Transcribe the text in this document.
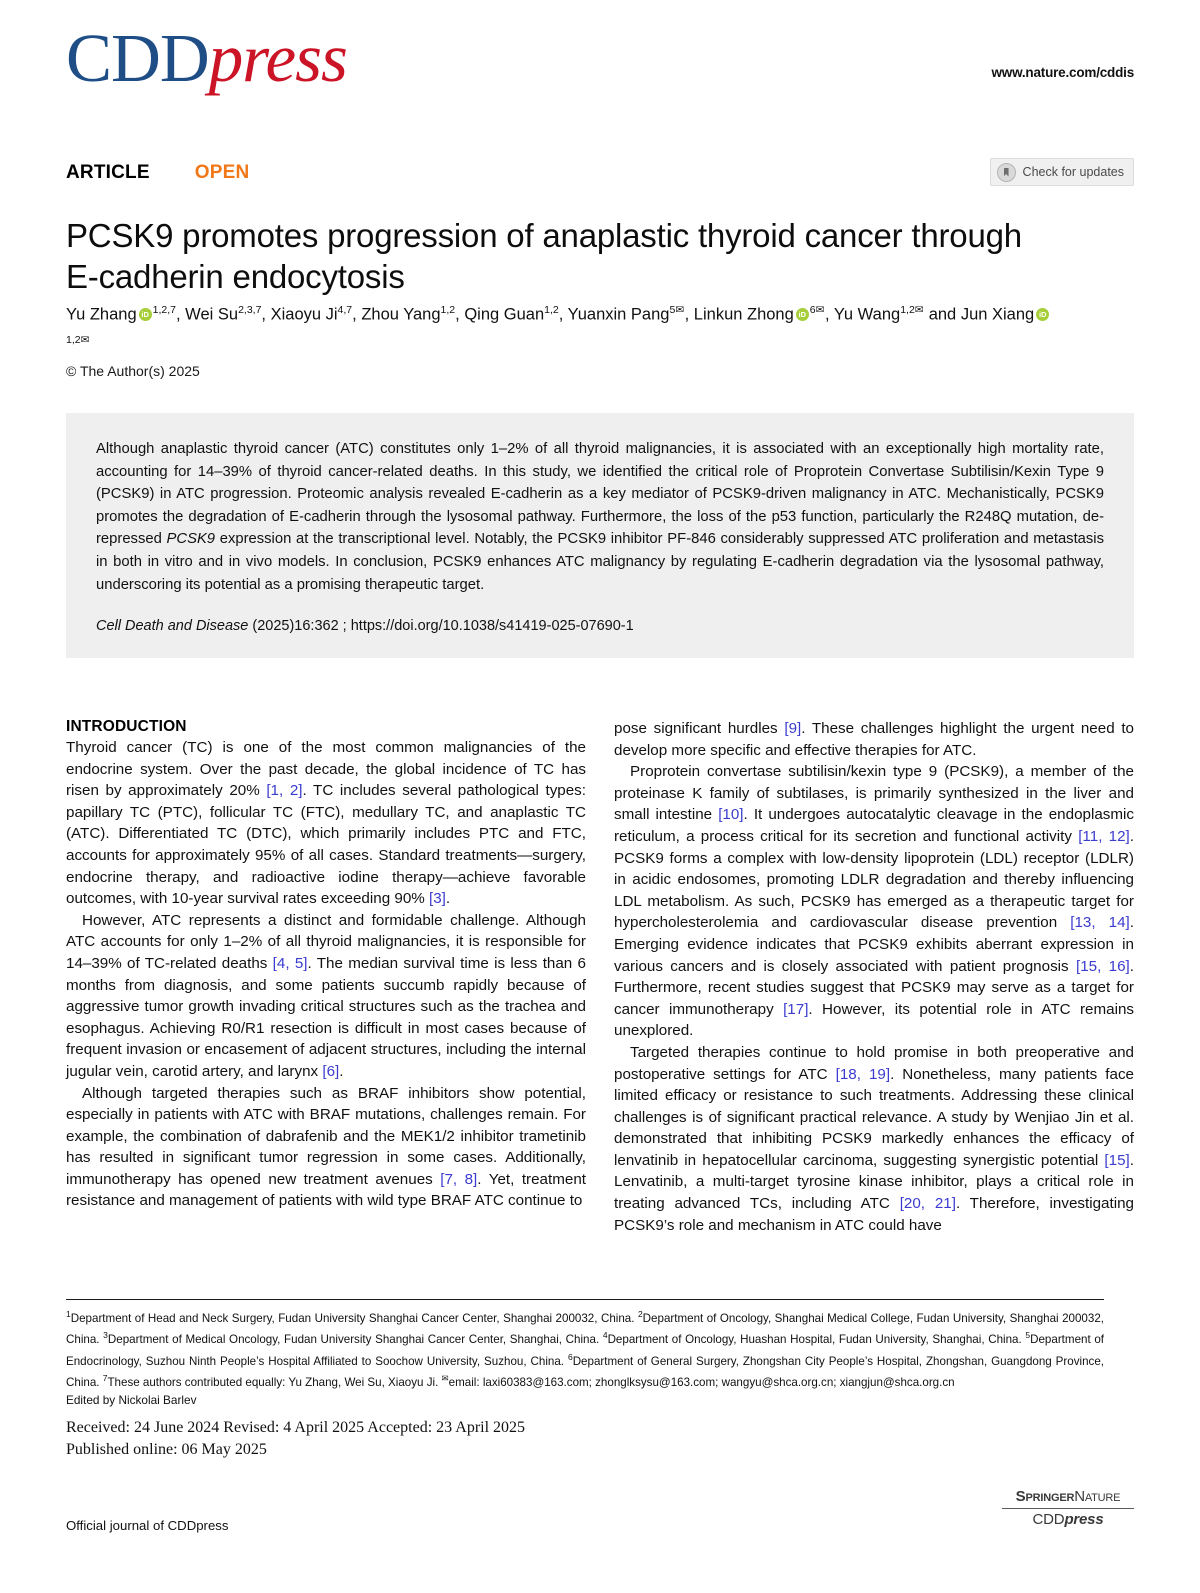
CDDpress	www.nature.com/cddis
ARTICLE OPEN	Check for updates
PCSK9 promotes progression of anaplastic thyroid cancer through E-cadherin endocytosis
Yu Zhang iD $^{1,2,7}$, Wei Su$^{2,3,7}$, Xiaoyu Ji$^{4,7}$, Zhou Yang$^{1,2}$, Qing Guan$^{1,2}$, Yuanxin Pang$^{5✉}$, Linkun Zhong iD $^{6✉}$, Yu Wang$^{1,2✉}$ and Jun XiangiD$^{1,2✉}$
© The Author(s) 2025

Although anaplastic thyroid cancer (ATC) constitutes only 1–2% of all thyroid malignancies, it is associated with an exceptionally high mortality rate, accounting for 14–39% of thyroid cancer-related deaths. In this study, we identified the critical role of Proprotein Convertase Subtilisin/Kexin Type 9 (PCSK9) in ATC progression. Proteomic analysis revealed E-cadherin as a key mediator of PCSK9-driven malignancy in ATC. Mechanistically, PCSK9 promotes the degradation of E-cadherin through the lysosomal pathway. Furthermore, the loss of the p53 function, particularly the R248Q mutation, de-repressed PCSK9 expression at the transcriptional level. Notably, the PCSK9 inhibitor PF-846 considerably suppressed ATC proliferation and metastasis in both in vitro and in vivo models. In conclusion, PCSK9 enhances ATC malignancy by regulating E-cadherin degradation via the lysosomal pathway, underscoring its potential as a promising therapeutic target.

Cell Death and Disease (2025)16:362 ; https://doi.org/10.1038/s41419-025-07690-1
INTRODUCTION

Thyroid cancer (TC) is one of the most common malignancies of the endocrine system. Over the past decade, the global incidence of TC has risen by approximately 20% [1, 2]. TC includes several pathological types: papillary TC (PTC), follicular TC (FTC), medullary TC, and anaplastic TC (ATC). Differentiated TC (DTC), which primarily includes PTC and FTC, accounts for approximately 95% of all cases. Standard treatments—surgery, endocrine therapy, and radioactive iodine therapy—achieve favorable outcomes, with 10-year survival rates exceeding 90% [3].

However, ATC represents a distinct and formidable challenge. Although ATC accounts for only 1–2% of all thyroid malignancies, it is responsible for 14–39% of TC-related deaths [4, 5]. The median survival time is less than 6 months from diagnosis, and some patients succumb rapidly because of aggressive tumor growth invading critical structures such as the trachea and esophagus. Achieving R0/R1 resection is difficult in most cases because of frequent invasion or encasement of adjacent structures, including the internal jugular vein, carotid artery, and larynx [6].

Although targeted therapies such as BRAF inhibitors show potential, especially in patients with ATC with BRAF mutations, challenges remain. For example, the combination of dabrafenib and the MEK1/2 inhibitor trametinib has resulted in significant tumor regression in some cases. Additionally, immunotherapy has opened new treatment avenues [7, 8]. Yet, treatment resistance and management of patients with wild type BRAF ATC continue to

pose significant hurdles [9]. These challenges highlight the urgent need to develop more specific and effective therapies for ATC.

Proprotein convertase subtilisin/kexin type 9 (PCSK9), a member of the proteinase K family of subtilases, is primarily synthesized in the liver and small intestine [10]. It undergoes autocatalytic cleavage in the endoplasmic reticulum, a process critical for its secretion and functional activity [11, 12]. PCSK9 forms a complex with low-density lipoprotein (LDL) receptor (LDLR) in acidic endosomes, promoting LDLR degradation and thereby influencing LDL metabolism. As such, PCSK9 has emerged as a therapeutic target for hypercholesterolemia and cardiovascular disease prevention [13, 14]. Emerging evidence indicates that PCSK9 exhibits aberrant expression in various cancers and is closely associated with patient prognosis [15, 16]. Furthermore, recent studies suggest that PCSK9 may serve as a target for cancer immunotherapy [17]. However, its potential role in ATC remains unexplored.

Targeted therapies continue to hold promise in both preoperative and postoperative settings for ATC [18, 19]. Nonetheless, many patients face limited efficacy or resistance to such treatments. Addressing these clinical challenges is of significant practical relevance. A study by Wenjiao Jin et al. demonstrated that inhibiting PCSK9 markedly enhances the efficacy of lenvatinib in hepatocellular carcinoma, suggesting synergistic potential [15]. Lenvatinib, a multi-target tyrosine kinase inhibitor, plays a critical role in treating advanced TCs, including ATC [20, 21]. Therefore, investigating PCSK9’s role and mechanism in ATC could have

$^1$Department of Head and Neck Surgery, Fudan University Shanghai Cancer Center, Shanghai 200032, China. $^2$Department of Oncology, Shanghai Medical College, Fudan University, Shanghai 200032, China. $^3$Department of Medical Oncology, Fudan University Shanghai Cancer Center, Shanghai, China. $^4$Department of Oncology, Huashan Hospital, Fudan University, Shanghai, China. $^5$Department of Endocrinology, Suzhou Ninth People’s Hospital Affiliated to Soochow University, Suzhou, China. $^6$Department of General Surgery, Zhongshan City People’s Hospital, Zhongshan, Guangdong Province, China. $^7$These authors contributed equally: Yu Zhang, Wei Su, Xiaoyu Ji. ✉email: laxi60383@163.com; zhonglksysu@163.com; wangyu@shca.org.cn; xiangjun@shca.org.cn
Edited by Nickolai Barlev
Received: 24 June 2024 Revised: 4 April 2025 Accepted: 23 April 2025
Published online: 06 May 2025
Official journal of CDDpress
SpringerNature
CDDpress
